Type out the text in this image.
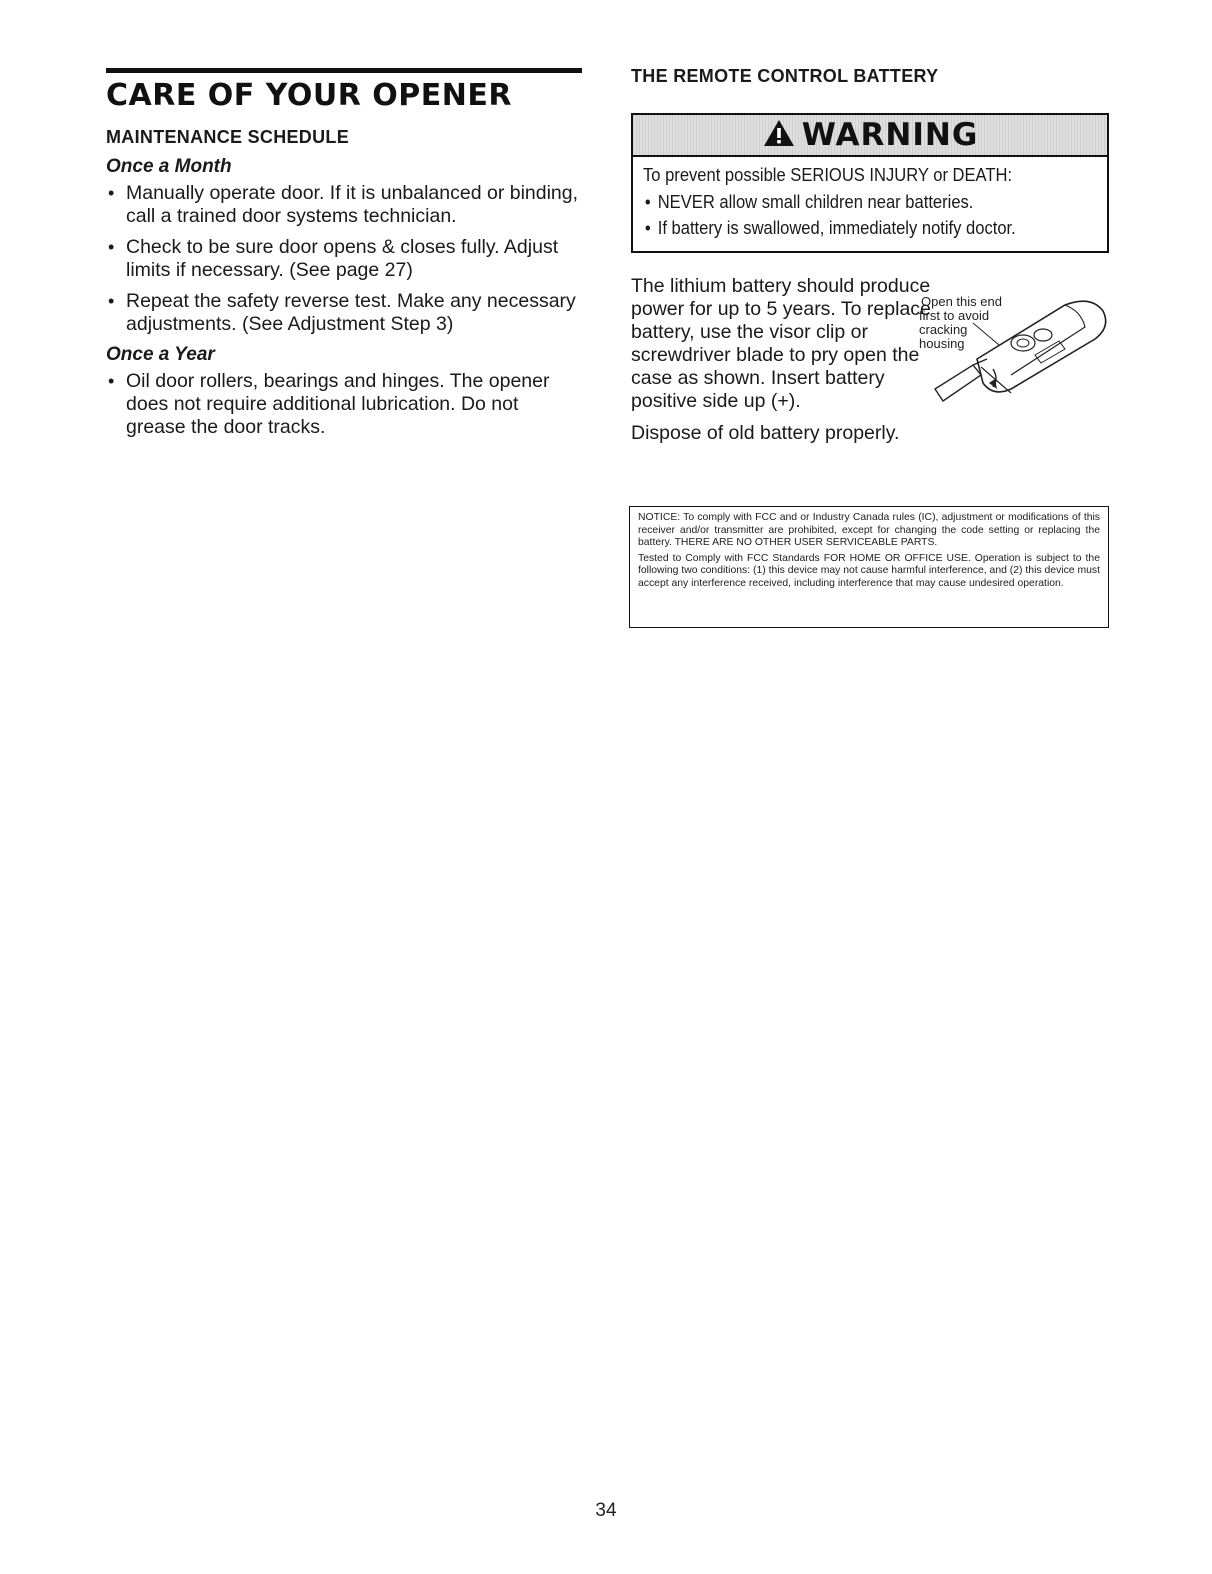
CARE OF YOUR OPENER
MAINTENANCE SCHEDULE
Once a Month
• Manually operate door. If it is unbalanced or binding, call a trained door systems technician.
• Check to be sure door opens & closes fully. Adjust limits if necessary. (See page 27)
• Repeat the safety reverse test. Make any necessary adjustments. (See Adjustment Step 3)
Once a Year
• Oil door rollers, bearings and hinges. The opener does not require additional lubrication. Do not grease the door tracks.
THE REMOTE CONTROL BATTERY
WARNING
To prevent possible SERIOUS INJURY or DEATH:
• NEVER allow small children near batteries.
• If battery is swallowed, immediately notify doctor.

The lithium battery should produce power for up to 5 years. To replace battery, use the visor clip or screwdriver blade to pry open the case as shown. Insert battery positive side up (+).

Dispose of old battery properly.

Open this end
first to avoid
cracking
housing

NOTICE: To comply with FCC and or Industry Canada rules (IC), adjustment or modifications of this receiver and/or transmitter are prohibited, except for changing the code setting or replacing the battery. THERE ARE NO OTHER USER SERVICEABLE PARTS.

Tested to Comply with FCC Standards FOR HOME OR OFFICE USE. Operation is subject to the following two conditions: (1) this device may not cause harmful interference, and (2) this device must accept any interference received, including interference that may cause undesired operation.

34
